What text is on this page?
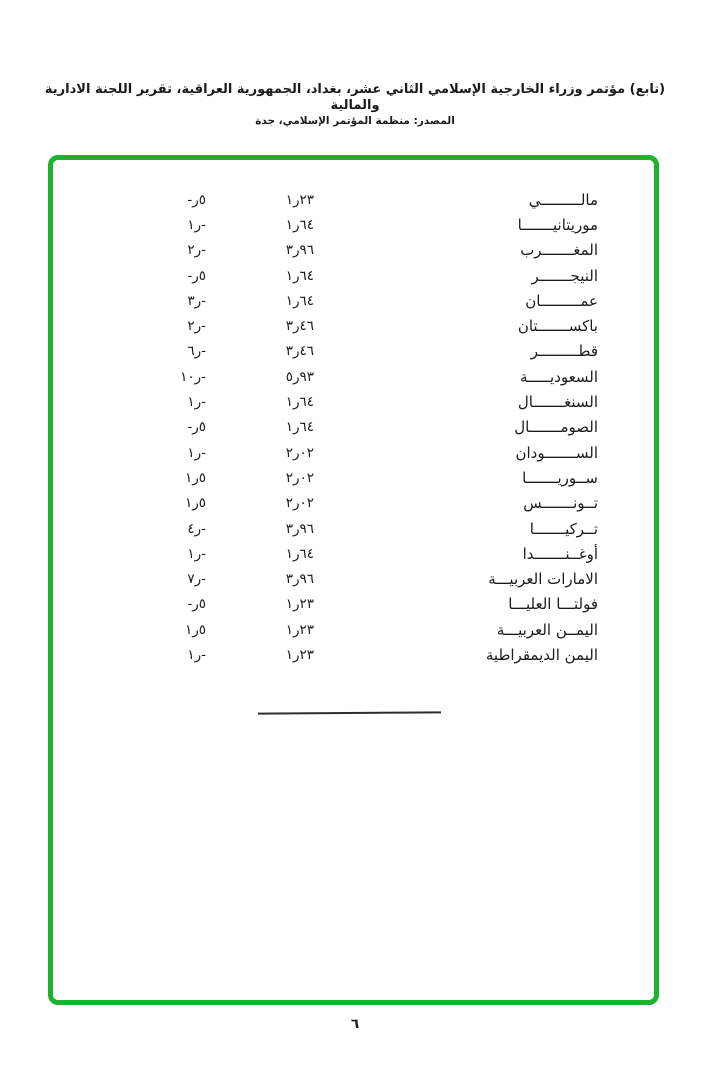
(تابع) مؤتمر وزراء الخارجية الإسلامي الثاني عشر، بغداد، الجمهورية العراقية، تقرير اللجنة الادارية والمالية
المصدر: منظمة المؤتمر الإسلامي، جدة
مالـــــــــي	١ر٢٣	-ر٥
موريتانيـــــــا	١ر٦٤	١ر-
المغـــــــرب	٣ر٩٦	٢ر-
النيجـــــــر	١ر٦٤	-ر٥
عمـــــــــان	١ر٦٤	٣ر-
باكســـــــتان	٣ر٤٦	٢ر-
قطـــــــــر	٣ر٤٦	٦ر-
السعوديـــــة	٥ر٩٣	١٠ر-
السنغـــــــال	١ر٦٤	١ر-
الصومـــــــال	١ر٦٤	-ر٥
الســـــــودان	٢ر٠٢	١ر-
ســوريـــــــا	٢ر٠٢	١ر٥
تــونـــــــس	٢ر٠٢	١ر٥
تــركيـــــــا	٣ر٩٦	٤ر-
أوغــنـــــــدا	١ر٦٤	١ر-
الامارات العربيـــة	٣ر٩٦	٧ر-
فولتـــا العليـــا	١ر٢٣	-ر٥
اليمــن العربيـــة	١ر٢٣	١ر٥
اليمن الديمقراطية	١ر٢٣	١ر-
٦
